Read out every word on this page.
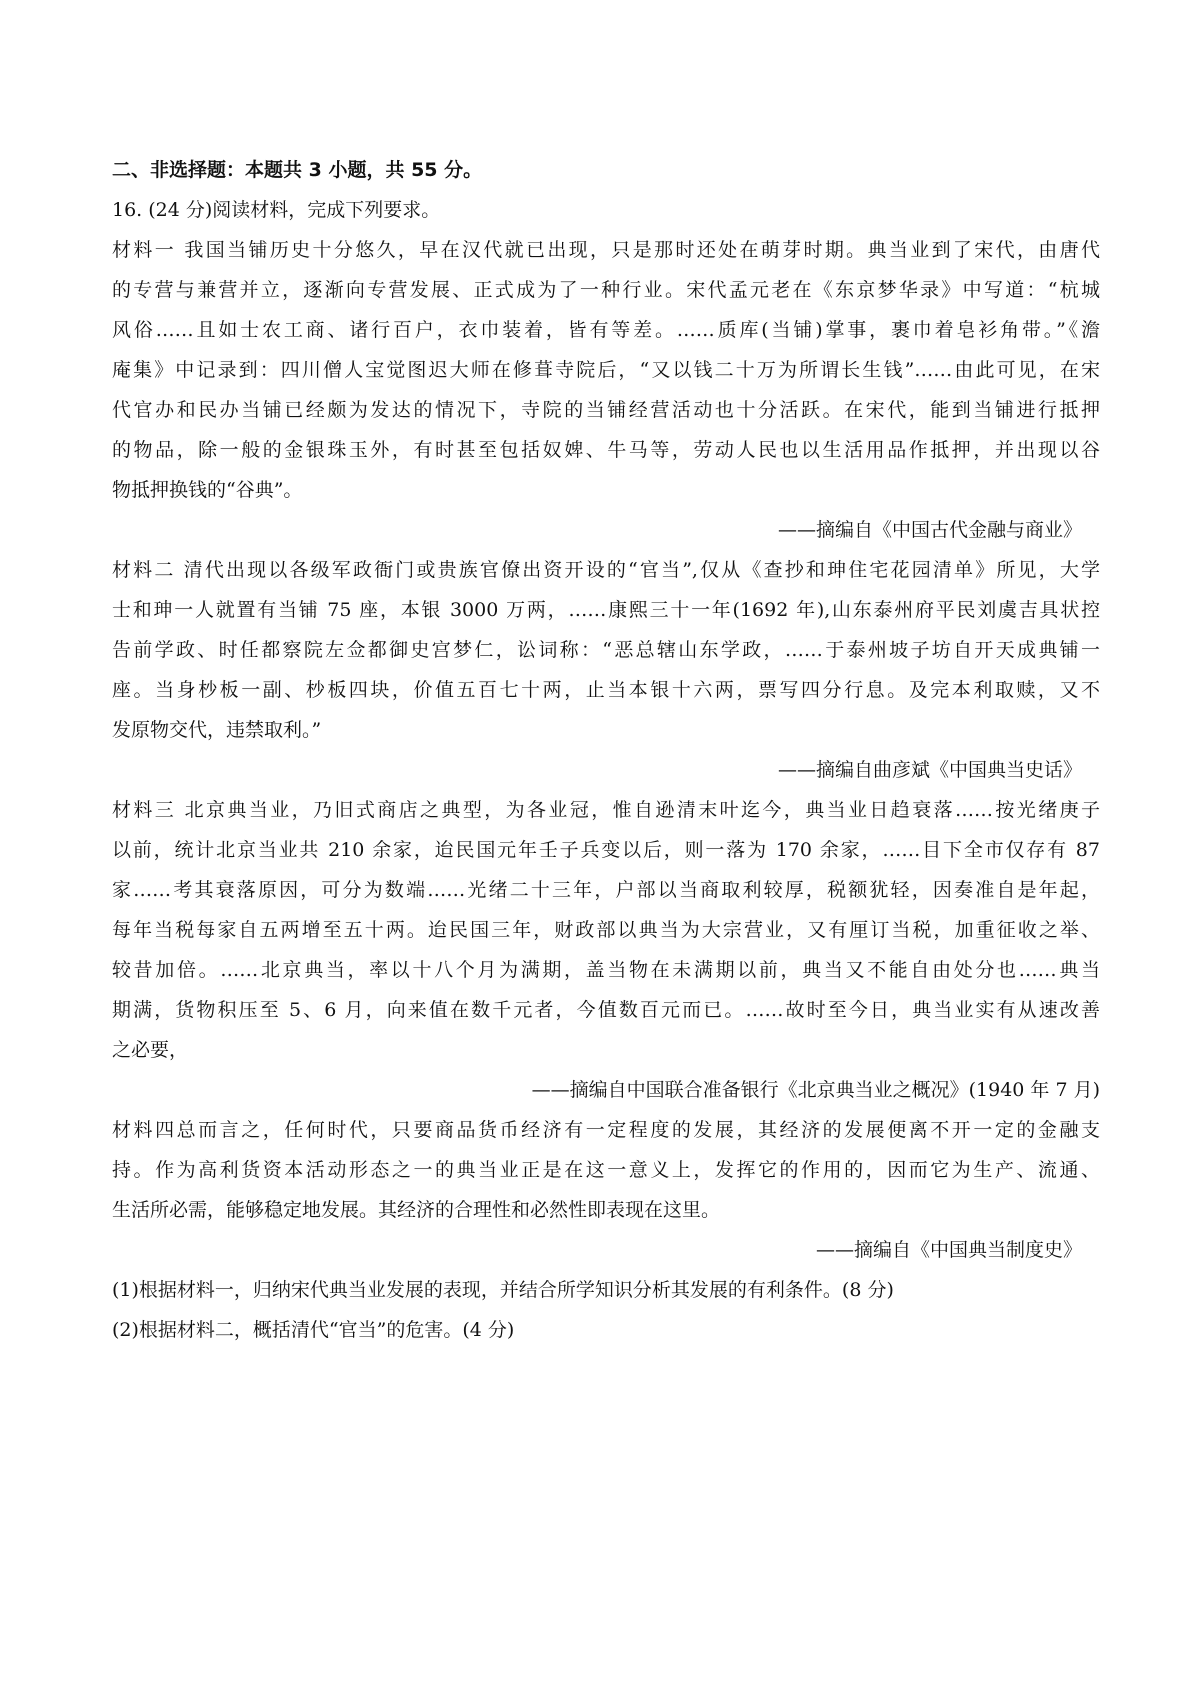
二、非选择题：本题共 3 小题，共 55 分。

16. (24 分)阅读材料，完成下列要求。

材料一 我国当铺历史十分悠久，早在汉代就已出现，只是那时还处在萌芽时期。典当业到了宋代，由唐代

的专营与兼营并立，逐渐向专营发展、正式成为了一种行业。宋代孟元老在《东京梦华录》中写道：“杭城

风俗……且如士农工商、诸行百户，衣巾装着，皆有等差。……质库(当铺)掌事，裹巾着皂衫角带。”《澹

庵集》中记录到：四川僧人宝觉图迟大师在修葺寺院后，“又以钱二十万为所谓长生钱”……由此可见，在宋

代官办和民办当铺已经颇为发达的情况下，寺院的当铺经营活动也十分活跃。在宋代，能到当铺进行抵押

的物品，除一般的金银珠玉外，有时甚至包括奴婢、牛马等，劳动人民也以生活用品作抵押，并出现以谷

物抵押换钱的“谷典”。

——摘编自《中国古代金融与商业》

材料二 清代出现以各级军政衙门或贵族官僚出资开设的“官当”,仅从《查抄和珅住宅花园清单》所见，大学

士和珅一人就置有当铺 75 座，本银 3000 万两，……康熙三十一年(1692 年),山东泰州府平民刘虞吉具状控

告前学政、时任都察院左佥都御史宫梦仁，讼词称：“恶总辖山东学政，……于泰州坡子坊自开天成典铺一

座。当身杪板一副、杪板四块，价值五百七十两，止当本银十六两，票写四分行息。及完本利取赎，又不

发原物交代，违禁取利。”

——摘编自曲彦斌《中国典当史话》

材料三 北京典当业，乃旧式商店之典型，为各业冠，惟自逊清末叶迄今，典当业日趋衰落……按光绪庚子

以前，统计北京当业共 210 余家，迨民国元年壬子兵变以后，则一落为 170 余家，……目下全市仅存有 87

家……考其衰落原因，可分为数端……光绪二十三年，户部以当商取利较厚，税额犹轻，因奏准自是年起，

每年当税每家自五两增至五十两。迨民国三年，财政部以典当为大宗营业，又有厘订当税，加重征收之举、

较昔加倍。……北京典当，率以十八个月为满期，盖当物在未满期以前，典当又不能自由处分也……典当

期满，货物积压至 5、6 月，向来值在数千元者，今值数百元而已。……故时至今日，典当业实有从速改善

之必要，

——摘编自中国联合准备银行《北京典当业之概况》(1940 年 7 月)

材料四总而言之，任何时代，只要商品货币经济有一定程度的发展，其经济的发展便离不开一定的金融支

持。作为高利货资本活动形态之一的典当业正是在这一意义上，发挥它的作用的，因而它为生产、流通、

生活所必需，能够稳定地发展。其经济的合理性和必然性即表现在这里。

——摘编自《中国典当制度史》

(1)根据材料一，归纳宋代典当业发展的表现，并结合所学知识分析其发展的有利条件。(8 分)

(2)根据材料二，概括清代“官当”的危害。(4 分)
